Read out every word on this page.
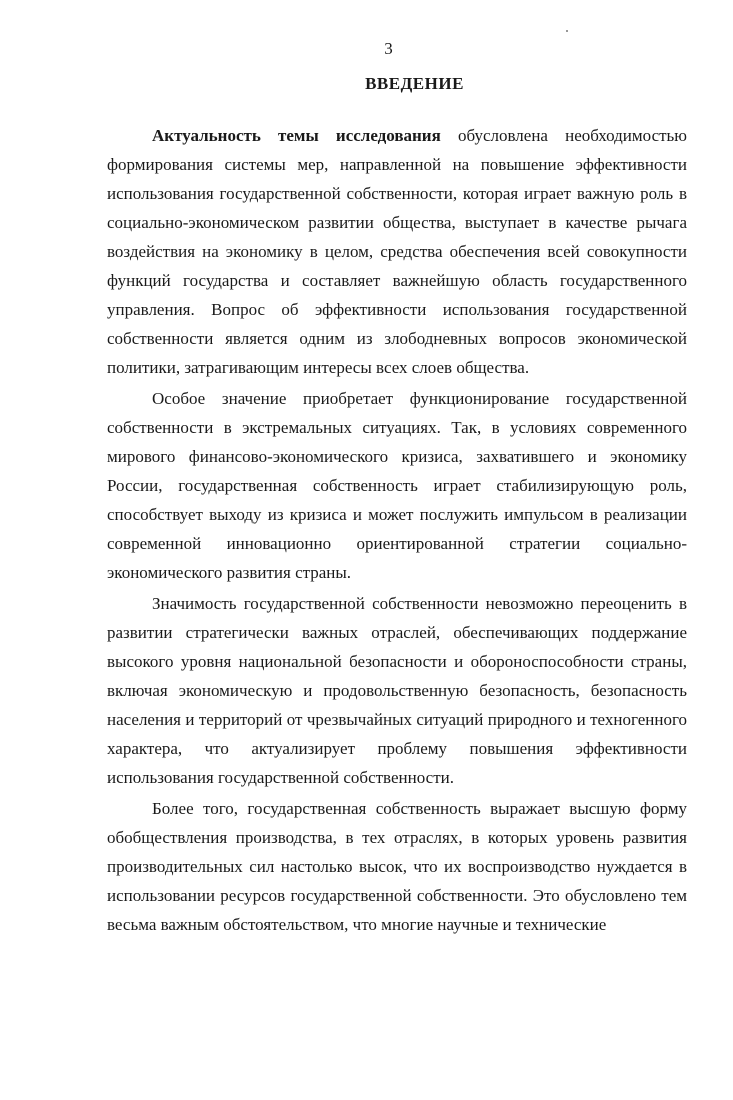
3
ВВЕДЕНИЕ

Актуальность темы исследования обусловлена необходимостью формирования системы мер, направленной на повышение эффективности использования государственной собственности, которая играет важную роль в социально-экономическом развитии общества, выступает в качестве рычага воздействия на экономику в целом, средства обеспечения всей совокупности функций государства и составляет важнейшую область государственного управления. Вопрос об эффективности использования государственной собственности является одним из злободневных вопросов экономической политики, затрагивающим интересы всех слоев общества.

Особое значение приобретает функционирование государственной собственности в экстремальных ситуациях. Так, в условиях современного мирового финансово-экономического кризиса, захватившего и экономику России, государственная собственность играет стабилизирующую роль, способствует выходу из кризиса и может послужить импульсом в реализации современной инновационно ориентированной стратегии социально-экономического развития страны.

Значимость государственной собственности невозможно переоценить в развитии стратегически важных отраслей, обеспечивающих поддержание высокого уровня национальной безопасности и обороноспособности страны, включая экономическую и продовольственную безопасность, безопасность населения и территорий от чрезвычайных ситуаций природного и техногенного характера, что актуализирует проблему повышения эффективности использования государственной собственности.

Более того, государственная собственность выражает высшую форму обобществления производства, в тех отраслях, в которых уровень развития производительных сил настолько высок, что их воспроизводство нуждается в использовании ресурсов государственной собственности. Это обусловлено тем весьма важным обстоятельством, что многие научные и технические
